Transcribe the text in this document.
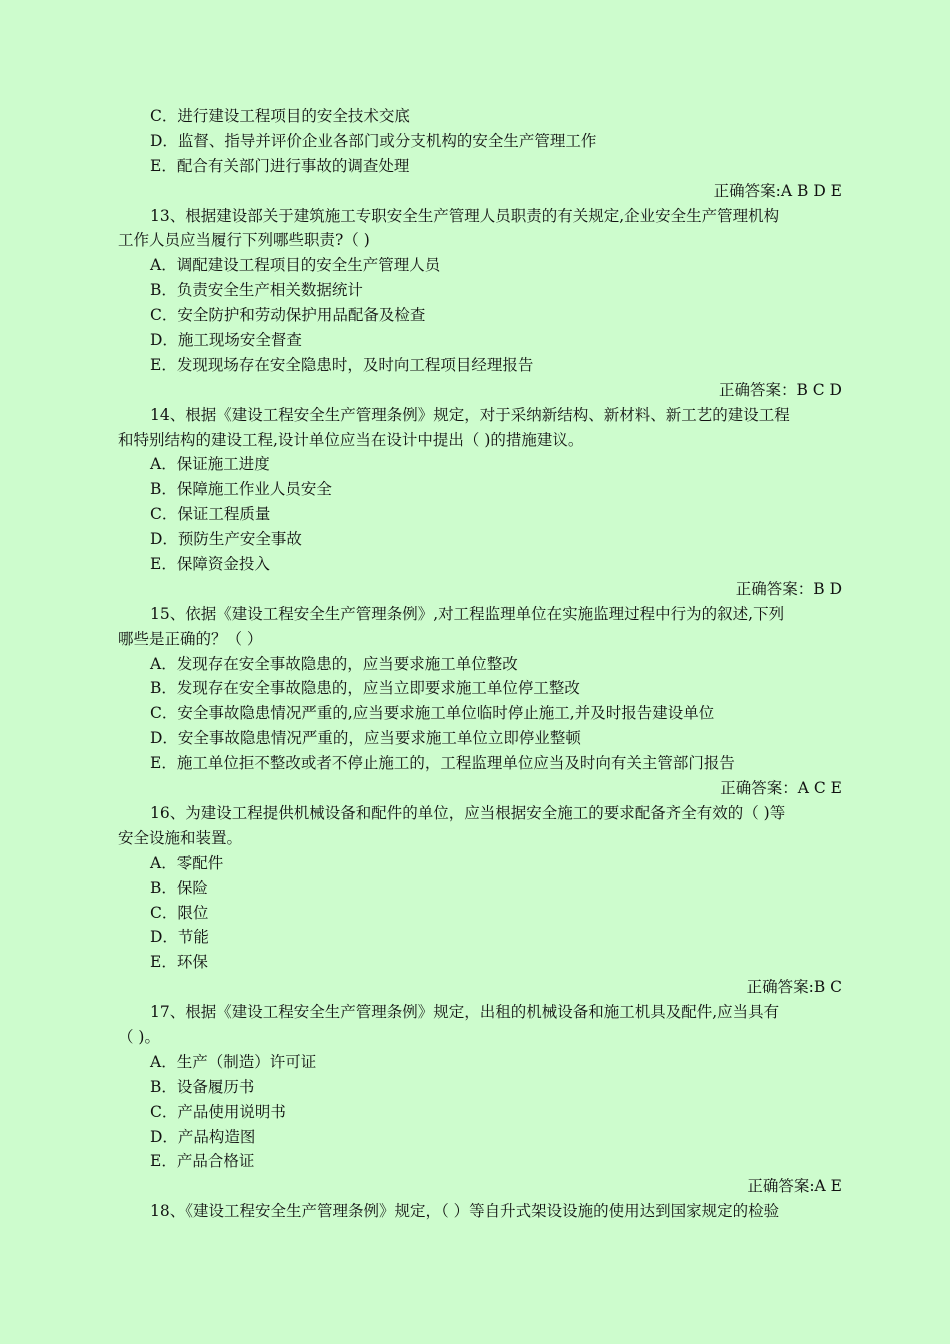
C．进行建设工程项目的安全技术交底
D．监督、指导并评价企业各部门或分支机构的安全生产管理工作
E．配合有关部门进行事故的调查处理
正确答案:A B D E
13、根据建设部关于建筑施工专职安全生产管理人员职责的有关规定,企业安全生产管理机构
工作人员应当履行下列哪些职责?（ )
A．调配建设工程项目的安全生产管理人员
B．负责安全生产相关数据统计
C．安全防护和劳动保护用品配备及检查
D．施工现场安全督查
E．发现现场存在安全隐患时，及时向工程项目经理报告
正确答案：B C D
14、根据《建设工程安全生产管理条例》规定，对于采纳新结构、新材料、新工艺的建设工程
和特别结构的建设工程,设计单位应当在设计中提出（ )的措施建议。
A．保证施工进度
B．保障施工作业人员安全
C．保证工程质量
D．预防生产安全事故
E．保障资金投入
正确答案：B D
15、依据《建设工程安全生产管理条例》,对工程监理单位在实施监理过程中行为的叙述,下列
哪些是正确的？（ ）
A．发现存在安全事故隐患的，应当要求施工单位整改
B．发现存在安全事故隐患的，应当立即要求施工单位停工整改
C．安全事故隐患情况严重的,应当要求施工单位临时停止施工,并及时报告建设单位
D．安全事故隐患情况严重的，应当要求施工单位立即停业整顿
E．施工单位拒不整改或者不停止施工的，工程监理单位应当及时向有关主管部门报告
正确答案：A C E
16、为建设工程提供机械设备和配件的单位，应当根据安全施工的要求配备齐全有效的（ )等
安全设施和装置。
A．零配件
B．保险
C．限位
D．节能
E．环保
正确答案:B C
17、根据《建设工程安全生产管理条例》规定，出租的机械设备和施工机具及配件,应当具有
（ )。
A．生产（制造）许可证
B．设备履历书
C．产品使用说明书
D．产品构造图
E．产品合格证
正确答案:A E
18、《建设工程安全生产管理条例》规定，（ ）等自升式架设设施的使用达到国家规定的检验
